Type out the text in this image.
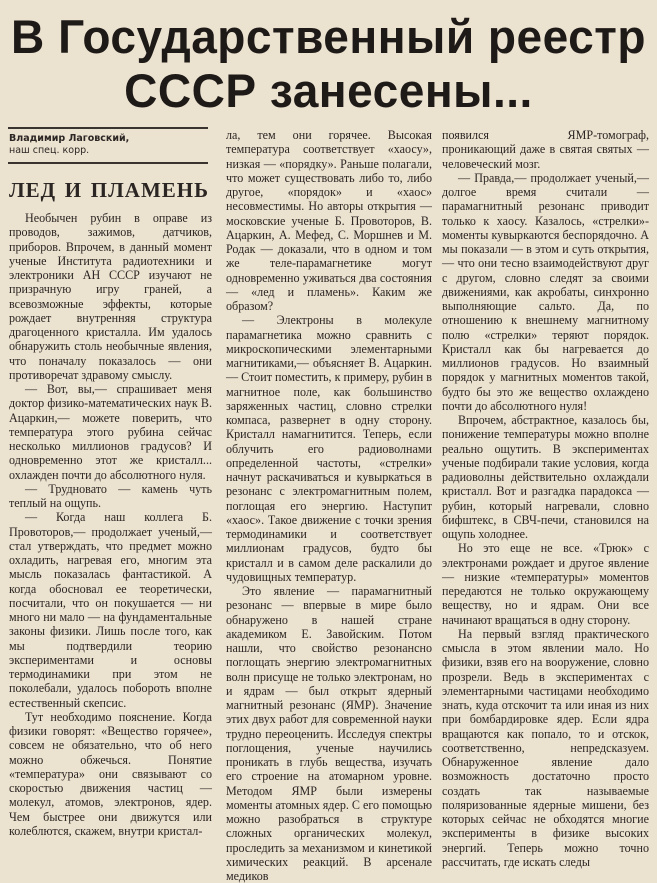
В Государственный реестр
СССР занесены...
Владимир Лаговский,
наш спец. корр.
ЛЕД И ПЛАМЕНЬ

Необычен рубин в оправе из проводов, зажимов, датчиков, приборов. Впрочем, в данный момент ученые Института радиотехники и электроники АН СССР изучают не призрачную игру граней, а всевозможные эффекты, которые рождает внутренняя структура драгоценного кристалла. Им удалось обнаружить столь необычные явления, что поначалу показалось — они противоречат здравому смыслу.

— Вот, вы,— спрашивает меня доктор физико-математических наук В. Ацаркин,— можете поверить, что температура этого рубина сейчас несколько миллионов градусов? И одновременно этот же кристалл... охлажден почти до абсолютного нуля.

— Трудновато — камень чуть теплый на ощупь.

— Когда наш коллега Б. Провоторов,— продолжает ученый,— стал утверждать, что предмет можно охладить, нагревая его, многим эта мысль показалась фантастикой. А когда обосновал ее теоретически, посчитали, что он покушается — ни много ни мало — на фундаментальные законы физики. Лишь после того, как мы подтвердили теорию экспериментами и основы термодинамики при этом не поколебали, удалось побороть вполне естественный скепсис.

Тут необходимо пояснение. Когда физики говорят: «Вещество горячее», совсем не обязательно, что об него можно обжечься. Понятие «температура» они связывают со скоростью движения частиц — молекул, атомов, электронов, ядер. Чем быстрее они движутся или колеблются, скажем, внутри кристал-

ла, тем они горячее. Высокая температура соответствует «хаосу», низкая — «порядку». Раньше полагали, что может существовать либо то, либо другое, «порядок» и «хаос» несовместимы. Но авторы открытия — московские ученые Б. Провоторов, В. Ацаркин, А. Мефед, С. Моршнев и М. Родак — доказали, что в одном и том же теле-парамагнетике могут одновременно уживаться два состояния — «лед и пламень». Каким же образом?

— Электроны в молекуле парамагнетика можно сравнить с микроскопическими элементарными магнитиками,— объясняет В. Ацаркин.— Стоит поместить, к примеру, рубин в магнитное поле, как большинство заряженных частиц, словно стрелки компаса, развернет в одну сторону. Кристалл намагнитится. Теперь, если облучить его радиоволнами определенной частоты, «стрелки» начнут раскачиваться и кувыркаться в резонанс с электромагнитным полем, поглощая его энергию. Наступит «хаос». Такое движение с точки зрения термодинамики и соответствует миллионам градусов, будто бы кристалл и в самом деле раскалили до чудовищных температур.

Это явление — парамагнитный резонанс — впервые в мире было обнаружено в нашей стране академиком Е. Завойским. Потом нашли, что свойство резонансно поглощать энергию электромагнитных волн присуще не только электронам, но и ядрам — был открыт ядерный магнитный резонанс (ЯМР). Значение этих двух работ для современной науки трудно переоценить. Исследуя спектры поглощения, ученые научились проникать в глубь вещества, изучать его строение на атомарном уровне. Методом ЯМР были измерены моменты атомных ядер. С его помощью можно разобраться в структуре сложных органических молекул, проследить за механизмом и кинетикой химических реакций. В арсенале медиков

появился ЯМР-томограф, проникающий даже в святая святых — человеческий мозг.

— Правда,— продолжает ученый,— долгое время считали — парамагнитный резонанс приводит только к хаосу. Казалось, «стрелки»-моменты кувыркаются беспорядочно. А мы показали — в этом и суть открытия,— что они тесно взаимодействуют друг с другом, словно следят за своими движениями, как акробаты, синхронно выполняющие сальто. Да, по отношению к внешнему магнитному полю «стрелки» теряют порядок. Кристалл как бы нагревается до миллионов градусов. Но взаимный порядок у магнитных моментов такой, будто бы это же вещество охлаждено почти до абсолютного нуля!

Впрочем, абстрактное, казалось бы, понижение температуры можно вполне реально ощутить. В экспериментах ученые подбирали такие условия, когда радиоволны действительно охлаждали кристалл. Вот и разгадка парадокса — рубин, который нагревали, словно бифштекс, в СВЧ-печи, становился на ощупь холоднее.

Но это еще не все. «Трюк» с электронами рождает и другое явление — низкие «температуры» моментов передаются не только окружающему веществу, но и ядрам. Они все начинают вращаться в одну сторону.

На первый взгляд практического смысла в этом явлении мало. Но физики, взяв его на вооружение, словно прозрели. Ведь в экспериментах с элементарными частицами необходимо знать, куда отскочит та или иная из них при бомбардировке ядер. Если ядра вращаются как попало, то и отскок, соответственно, непредсказуем. Обнаруженное явление дало возможность достаточно просто создать так называемые поляризованные ядерные мишени, без которых сейчас не обходятся многие эксперименты в физике высоких энергий. Теперь можно точно рассчитать, где искать следы
